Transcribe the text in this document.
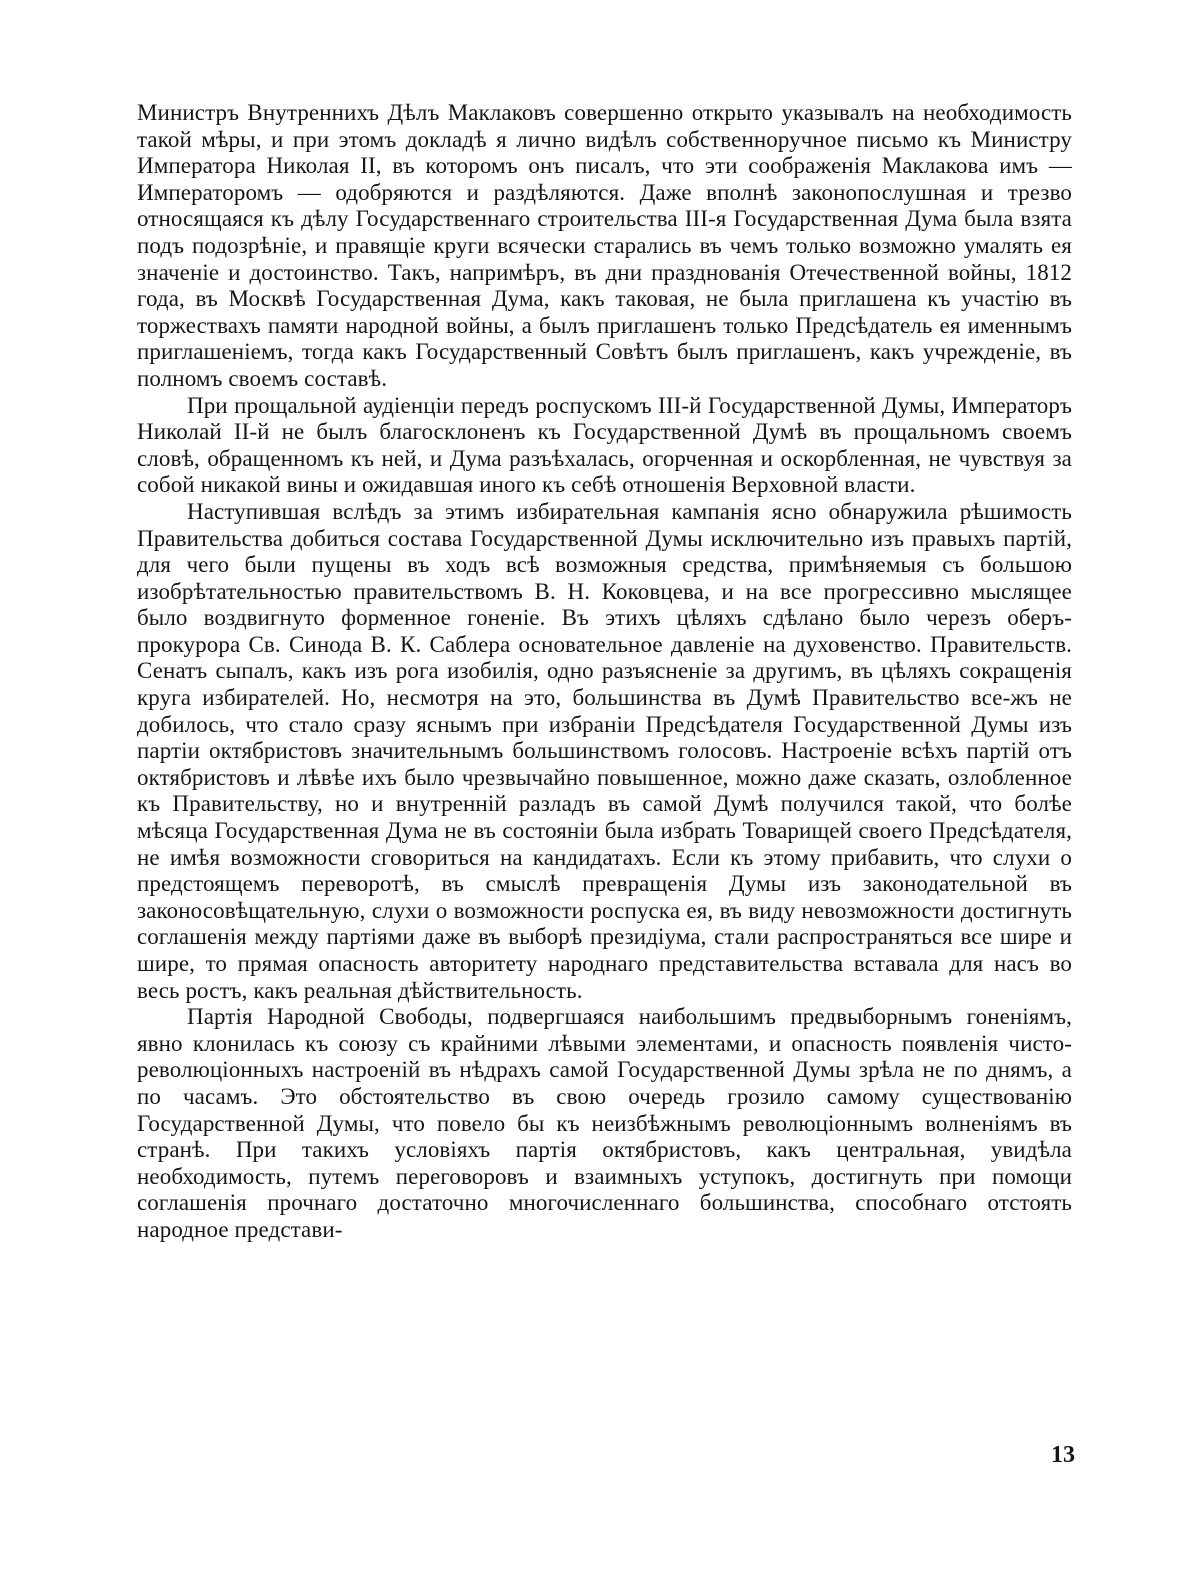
Министръ Внутреннихъ Дѣлъ Маклаковъ совершенно открыто указывалъ на необходимость такой мѣры, и при этомъ докладѣ я лично видѣлъ собственноручное письмо къ Министру Императора Николая II, въ которомъ онъ писалъ, что эти соображенія Маклакова имъ — Императоромъ — одобряются и раздѣляются. Даже вполнѣ законопослушная и трезво относящаяся къ дѣлу Государственнаго строительства III-я Государственная Дума была взята подъ подозрѣніе, и правящіе круги всячески старались въ чемъ только возможно умалять ея значеніе и достоинство. Такъ, напримѣръ, въ дни празднованія Отечественной войны, 1812 года, въ Москвѣ Государственная Дума, какъ таковая, не была приглашена къ участію въ торжествахъ памяти народной войны, а былъ приглашенъ только Предсѣдатель ея именнымъ приглашеніемъ, тогда какъ Государственный Совѣтъ былъ приглашенъ, какъ учрежденіе, въ полномъ своемъ составѣ.

При прощальной аудіенціи передъ роспускомъ III-й Государственной Думы, Императоръ Николай II-й не былъ благосклоненъ къ Государственной Думѣ въ прощальномъ своемъ словѣ, обращенномъ къ ней, и Дума разъѣхалась, огорченная и оскорбленная, не чувствуя за собой никакой вины и ожидавшая иного къ себѣ отношенія Верховной власти.

Наступившая вслѣдъ за этимъ избирательная кампанія ясно обнаружила рѣшимость Правительства добиться состава Государственной Думы исключительно изъ правыхъ партій, для чего были пущены въ ходъ всѣ возможныя средства, примѣняемыя съ большою изобрѣтательностью правительствомъ В. Н. Коковцева, и на все прогрессивно мыслящее было воздвигнуто форменное гоненіе. Въ этихъ цѣляхъ сдѣлано было черезъ оберъ-прокурора Св. Синода В. К. Саблера основательное давленіе на духовенство. Правительств. Сенатъ сыпалъ, какъ изъ рога изобилія, одно разъясненіе за другимъ, въ цѣляхъ сокращенія круга избирателей. Но, несмотря на это, большинства въ Думѣ Правительство все-жъ не добилось, что стало сразу яснымъ при избраніи Предсѣдателя Государственной Думы изъ партіи октябристовъ значительнымъ большинствомъ голосовъ. Настроеніе всѣхъ партій отъ октябристовъ и лѣвѣе ихъ было чрезвычайно повышенное, можно даже сказать, озлобленное къ Правительству, но и внутренній разладъ въ самой Думѣ получился такой, что болѣе мѣсяца Государственная Дума не въ состояніи была избрать Товарищей своего Предсѣдателя, не имѣя возможности сговориться на кандидатахъ. Если къ этому прибавить, что слухи о предстоящемъ переворотѣ, въ смыслѣ превращенія Думы изъ законодательной въ законосовѣщательную, слухи о возможности роспуска ея, въ виду невозможности достигнуть соглашенія между партіями даже въ выборѣ президіума, стали распространяться все шире и шире, то прямая опасность авторитету народнаго представительства вставала для насъ во весь ростъ, какъ реальная дѣйствительность.

Партія Народной Свободы, подвергшаяся наибольшимъ предвыборнымъ гоненіямъ, явно клонилась къ союзу съ крайними лѣвыми элементами, и опасность появленія чисто-революціонныхъ настроеній въ нѣдрахъ самой Государственной Думы зрѣла не по днямъ, а по часамъ. Это обстоятельство въ свою очередь грозило самому существованію Государственной Думы, что повело бы къ неизбѣжнымъ революціоннымъ волненіямъ въ странѣ. При такихъ условіяхъ партія октябристовъ, какъ центральная, увидѣла необходимость, путемъ переговоровъ и взаимныхъ уступокъ, достигнуть при помощи соглашенія прочнаго достаточно многочисленнаго большинства, способнаго отстоять народное представи-

13
